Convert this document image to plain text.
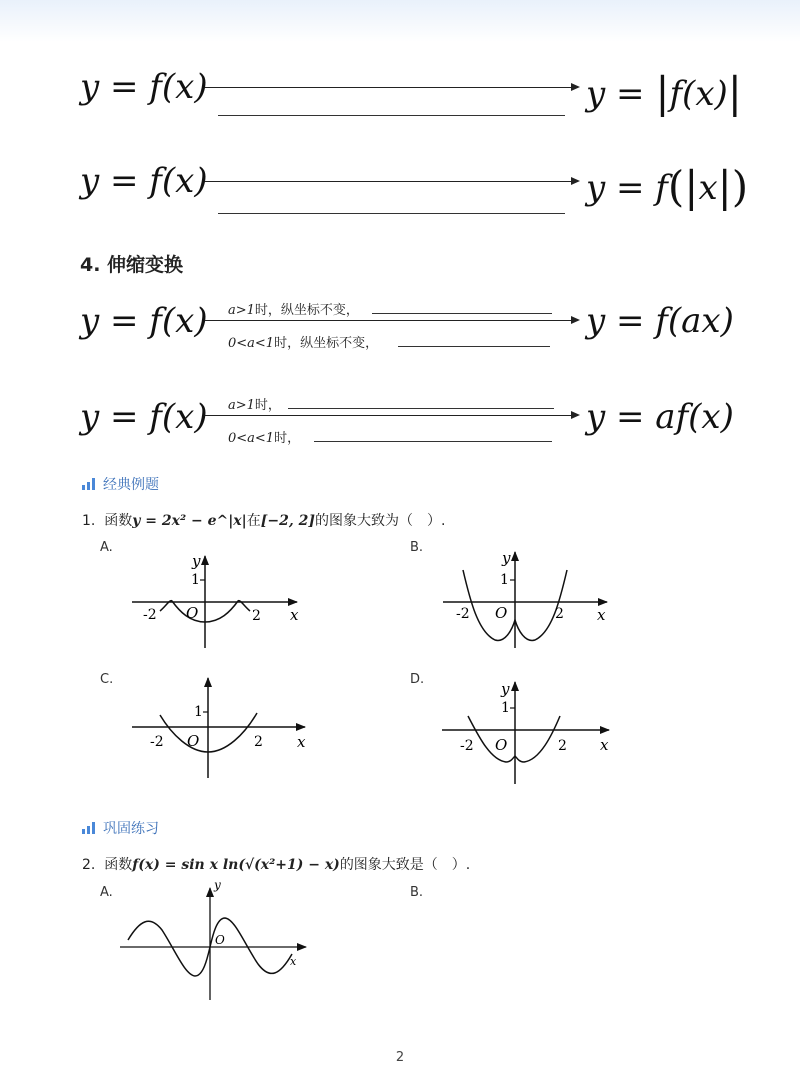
y = f(x)	y = |f(x)|
y = f(x)	y = f(|x|)
4. 伸缩变换
y = f(x) a>1时，纵坐标不变，
0<a<1时，纵坐标不变，
y = f(ax)
y = f(x) a>1时，
0<a<1时，
y = af(x)
经典例题
1. 函数y = 2x² − e^|x|在[−2, 2]的图象大致为（　）.
A.	B.
C.	D.
y
1
O
-2	2 x
y
1
O
-2	2 x
1
O
-2	2 x
y
1
O
-2	2 x
y
O
x
巩固练习
2. 函数f(x) = sin x ln(√(x²+1) − x)的图象大致是（　）.
A.	B.
2
